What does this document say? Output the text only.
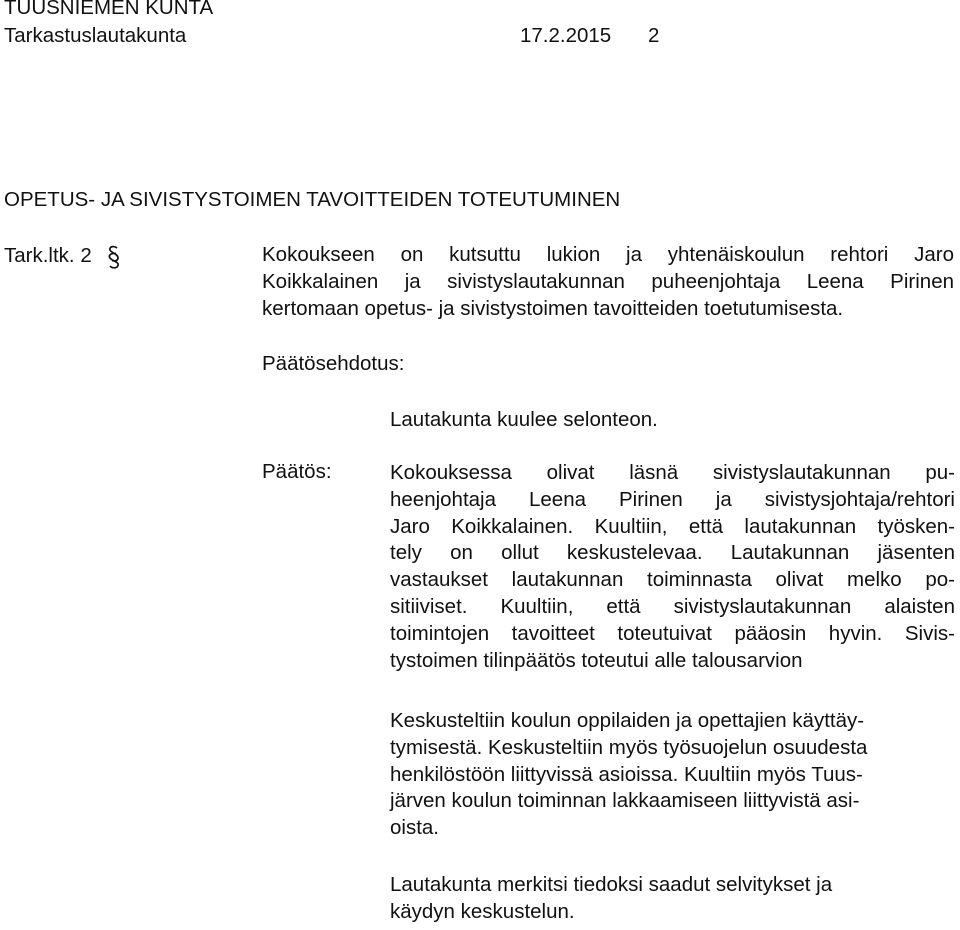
TUUSNIEMEN KUNTA
Tarkastuslautakunta	17.2.2015 2
OPETUS- JA SIVISTYSTOIMEN TAVOITTEIDEN TOTEUTUMINEN
Tark.ltk. 2	Kokoukseen on kutsuttu lukion ja yhtenäiskoulun rehtori Jaro
Koikkalainen ja sivistyslautakunnan puheenjohtaja Leena Pirinen
kertomaan opetus- ja sivistystoimen tavoitteiden toetutumisesta.

Päätösehdotus:
Lautakunta kuulee selonteon.
Päätös:	Kokouksessa olivat läsnä sivistyslautakunnan pu-
heenjohtaja Leena Pirinen ja sivistysjohtaja/rehtori
Jaro Koikkalainen. Kuultiin, että lautakunnan työsken-
tely on ollut keskustelevaa. Lautakunnan jäsenten
vastaukset lautakunnan toiminnasta olivat melko po-
sitiiviset. Kuultiin, että sivistyslautakunnan alaisten
toimintojen tavoitteet toteutuivat pääosin hyvin. Sivis-
tystoimen tilinpäätös toteutui alle talousarvion
Keskusteltiin koulun oppilaiden ja opettajien käyttäy-
tymisestä. Keskusteltiin myös työsuojelun osuudesta
henkilöstöön liittyvissä asioissa. Kuultiin myös Tuus-
järven koulun toiminnan lakkaamiseen liittyvistä asi-
oista.
Lautakunta merkitsi tiedoksi saadut selvitykset ja
käydyn keskustelun.
